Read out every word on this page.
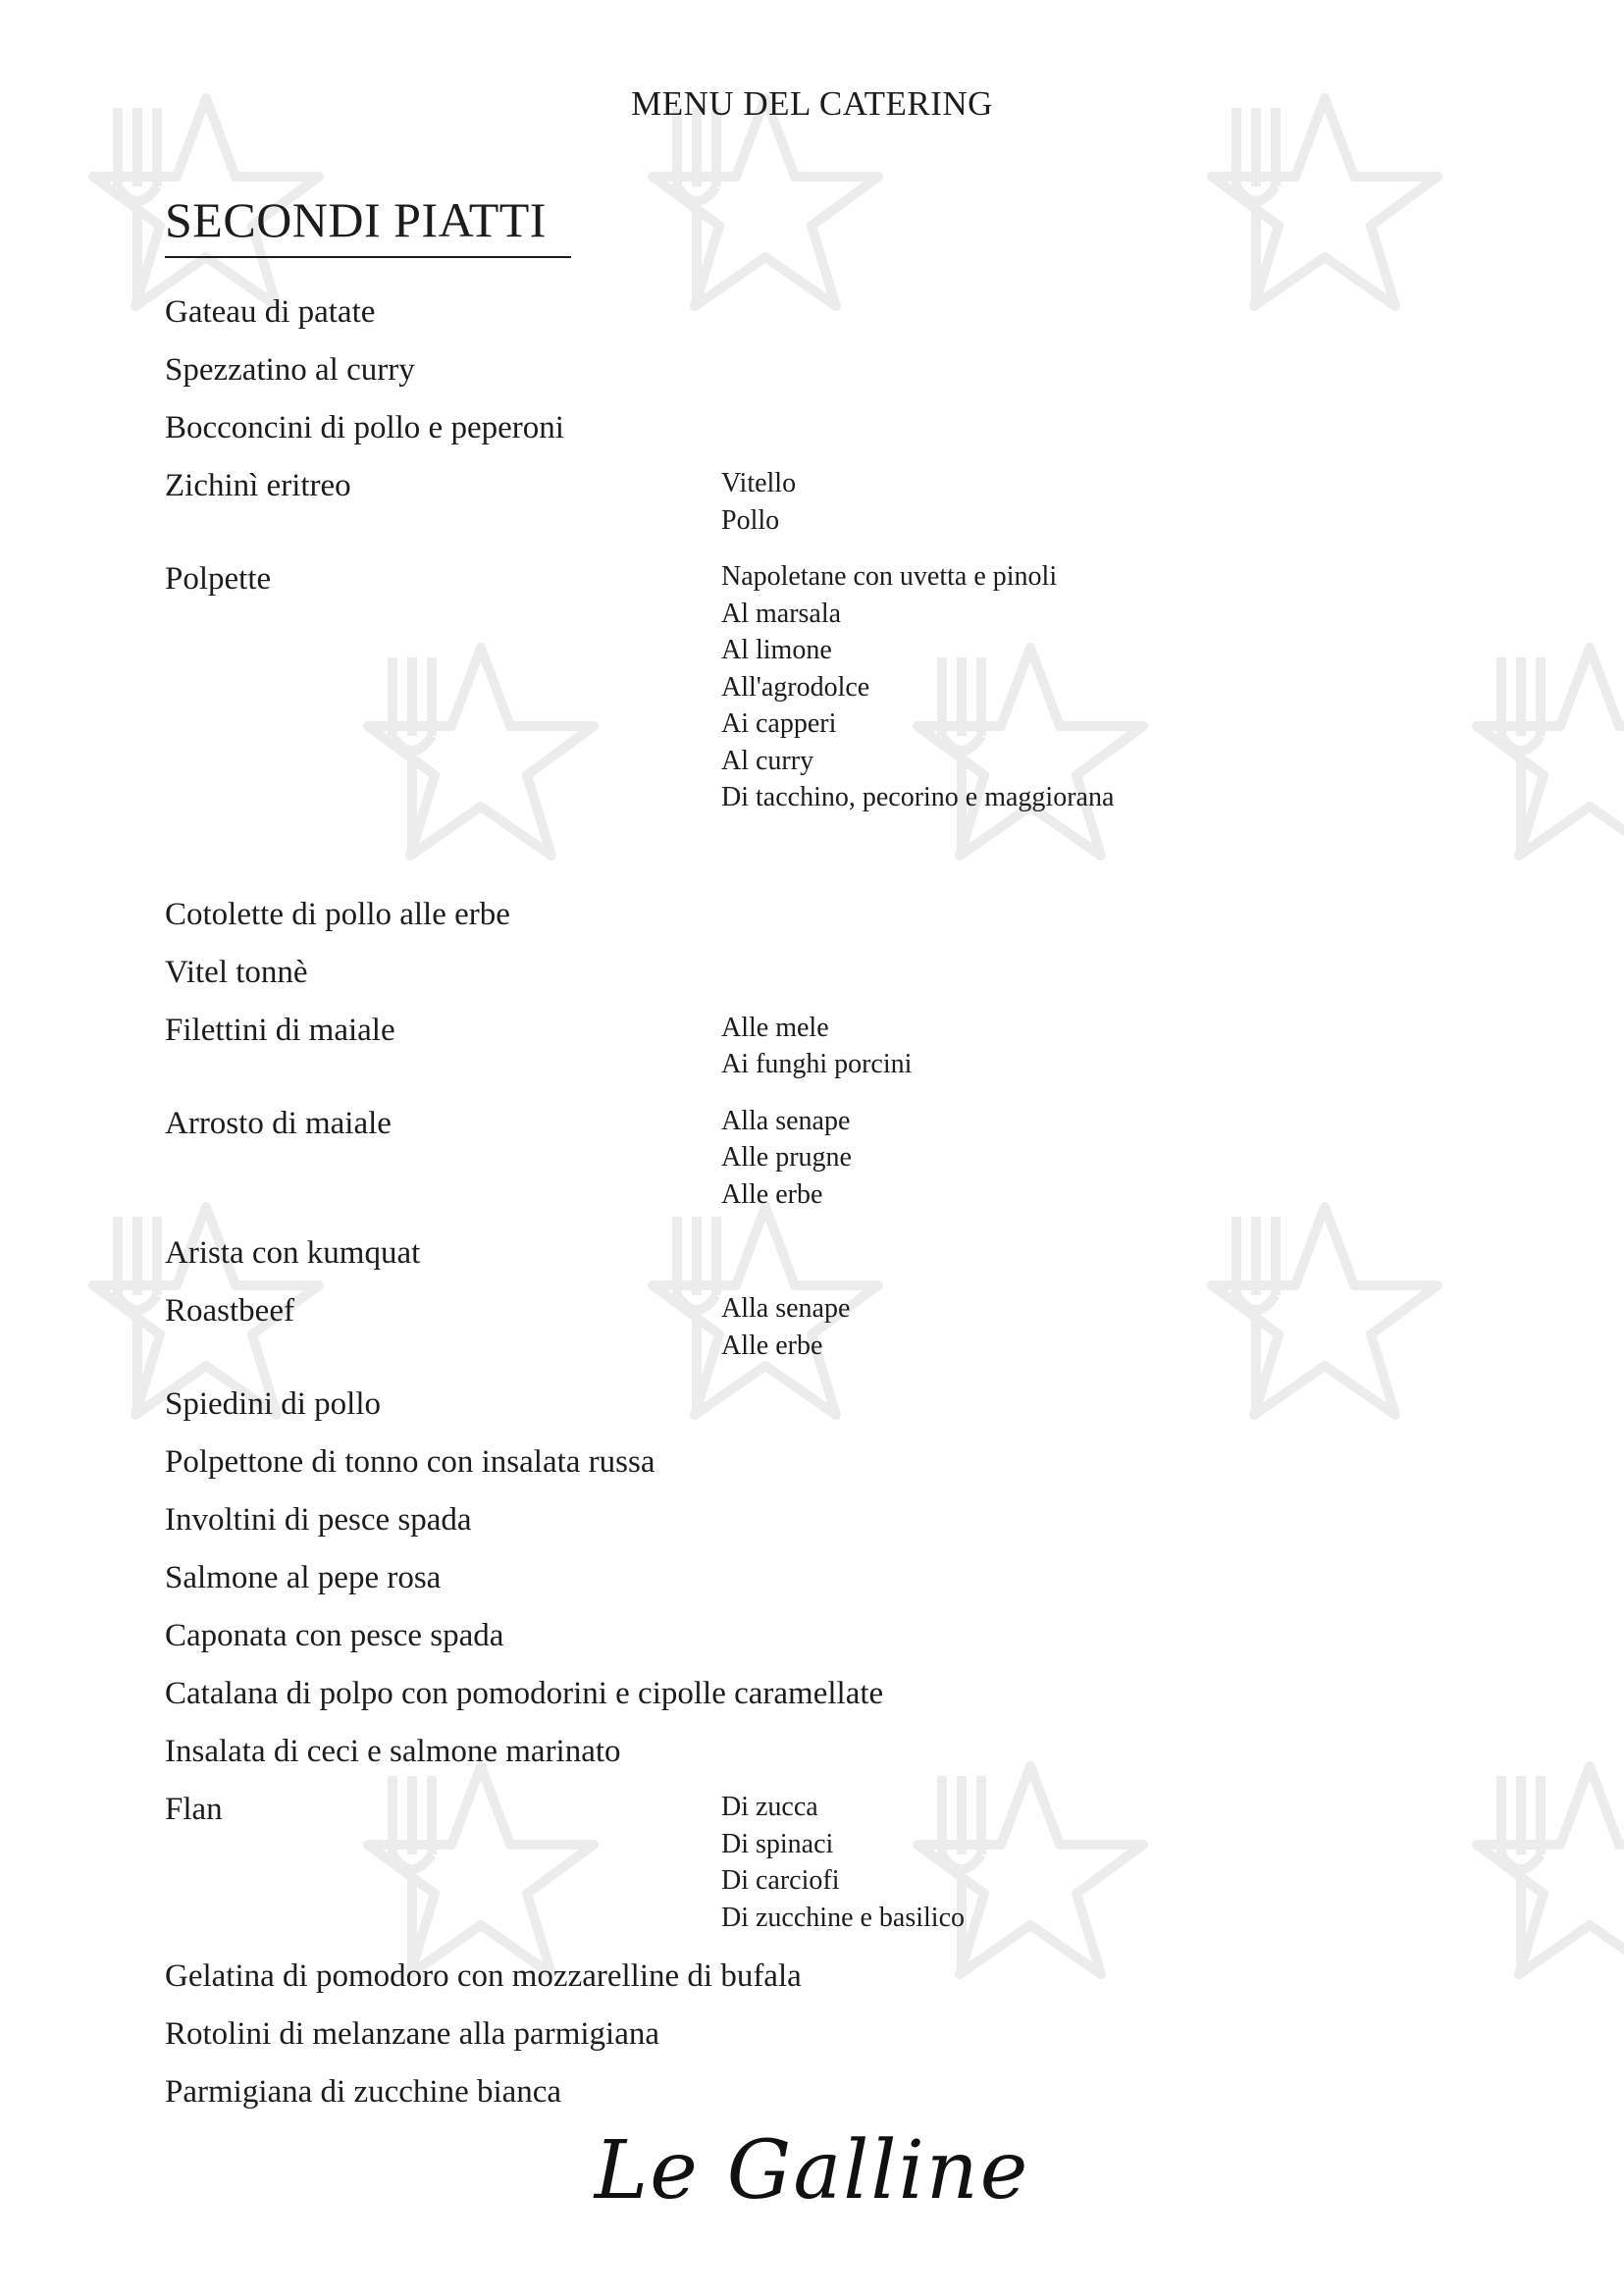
MENU DEL CATERING
SECONDI PIATTI
Gateau di patate
Spezzatino al curry
Bocconcini di pollo e peperoni
Zichinì eritreo	Vitello
Pollo
Polpette	Napoletane con uvetta e pinoli
Al marsala
Al limone
All'agrodolce
Ai capperi
Al curry
Di tacchino, pecorino e maggiorana
Cotolette di pollo alle erbe
Vitel tonnè
Filettini di maiale	Alle mele
Ai funghi porcini
Arrosto di maiale	Alla senape
Alle prugne
Alle erbe
Arista con kumquat
Roastbeef	Alla senape
Alle erbe
Spiedini di pollo
Polpettone di tonno con insalata russa
Involtini di pesce spada
Salmone al pepe rosa
Caponata con pesce spada
Catalana di polpo con pomodorini e cipolle caramellate
Insalata di ceci e salmone marinato
Flan	Di zucca
Di spinaci
Di carciofi
Di zucchine e basilico
Gelatina di pomodoro con mozzarelline di bufala
Rotolini di melanzane alla parmigiana
Parmigiana di zucchine bianca
Le Galline
